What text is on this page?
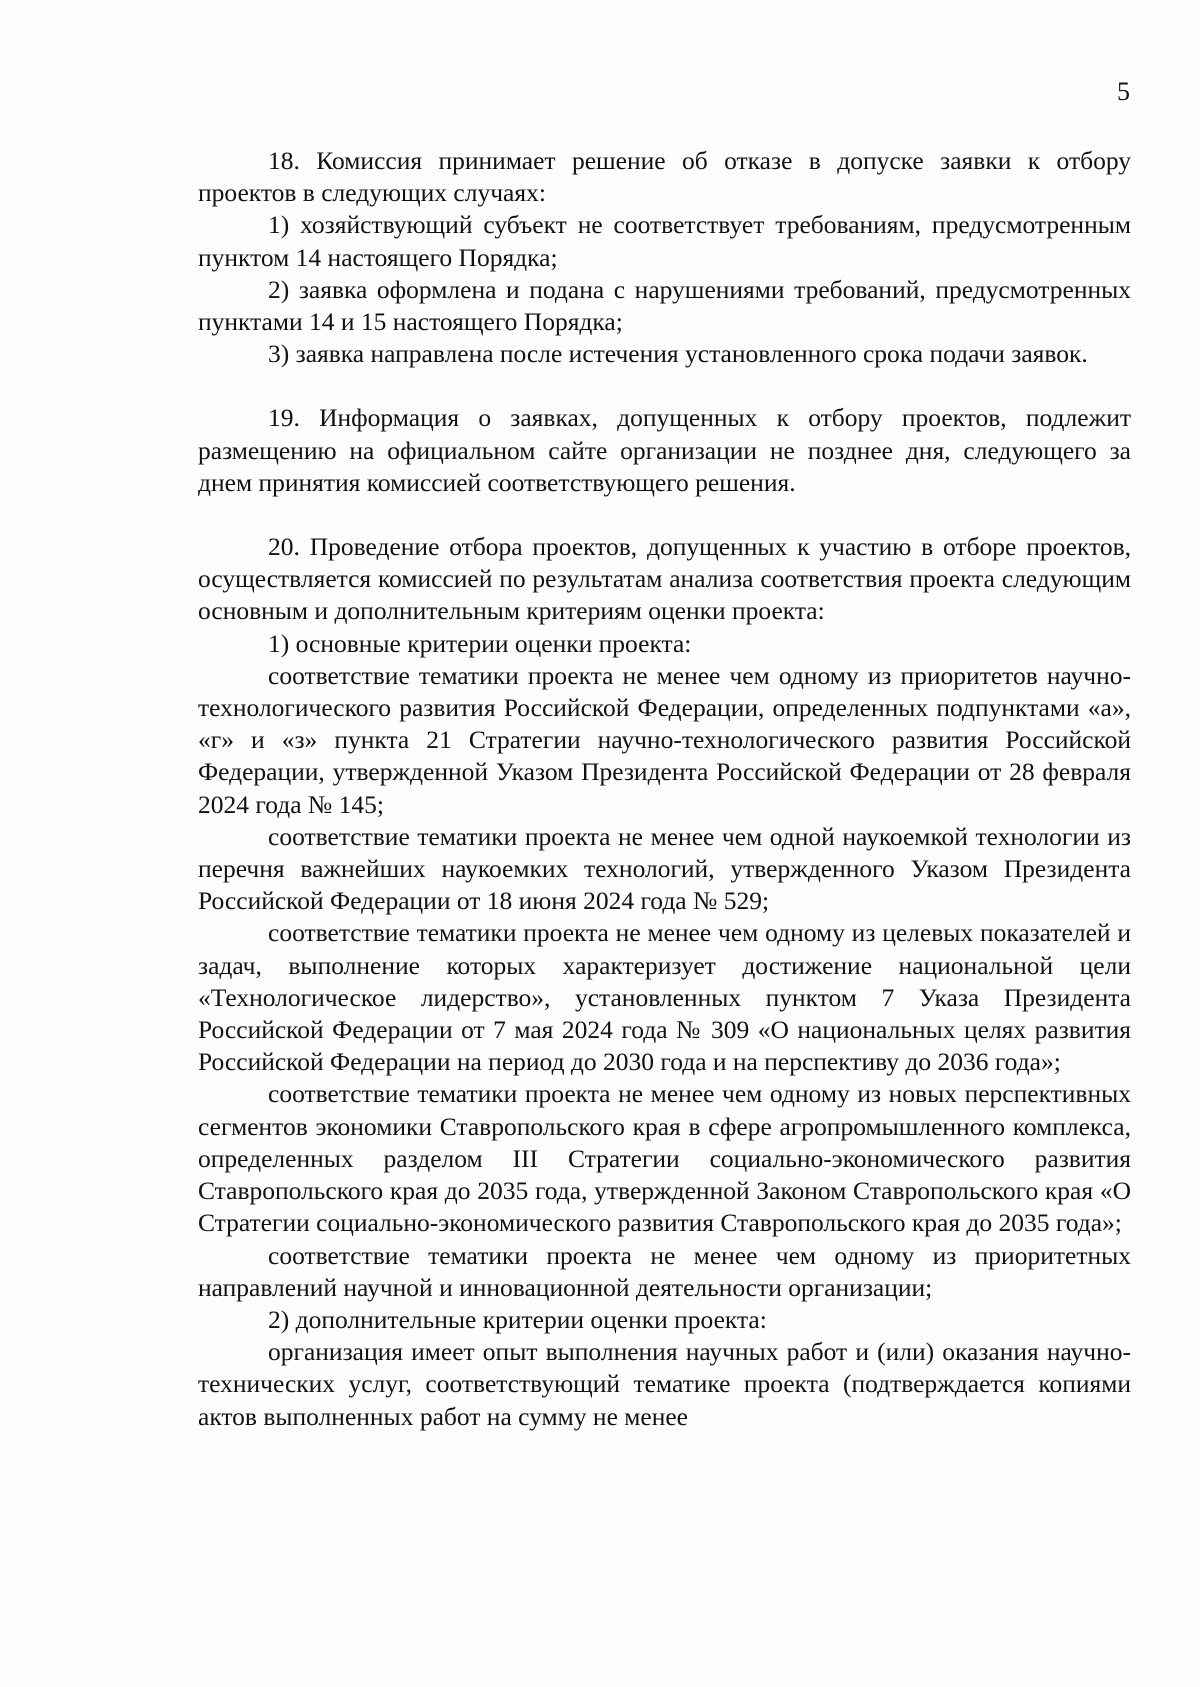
5

18. Комиссия принимает решение об отказе в допуске заявки к отбору проектов в следующих случаях:

1) хозяйствующий субъект не соответствует требованиям, предусмотренным пунктом 14 настоящего Порядка;

2) заявка оформлена и подана с нарушениями требований, предусмотренных пунктами 14 и 15 настоящего Порядка;

3) заявка направлена после истечения установленного срока подачи заявок.

19. Информация о заявках, допущенных к отбору проектов, подлежит размещению на официальном сайте организации не позднее дня, следующего за днем принятия комиссией соответствующего решения.

20. Проведение отбора проектов, допущенных к участию в отборе проектов, осуществляется комиссией по результатам анализа соответствия проекта следующим основным и дополнительным критериям оценки проекта:

1) основные критерии оценки проекта:

соответствие тематики проекта не менее чем одному из приоритетов научно-технологического развития Российской Федерации, определенных подпунктами «а», «г» и «з» пункта 21 Стратегии научно-технологического развития Российской Федерации, утвержденной Указом Президента Российской Федерации от 28 февраля 2024 года № 145;

соответствие тематики проекта не менее чем одной наукоемкой технологии из перечня важнейших наукоемких технологий, утвержденного Указом Президента Российской Федерации от 18 июня 2024 года № 529;

соответствие тематики проекта не менее чем одному из целевых показателей и задач, выполнение которых характеризует достижение национальной цели «Технологическое лидерство», установленных пунктом 7 Указа Президента Российской Федерации от 7 мая 2024 года № 309 «О национальных целях развития Российской Федерации на период до 2030 года и на перспективу до 2036 года»;

соответствие тематики проекта не менее чем одному из новых перспективных сегментов экономики Ставропольского края в сфере агропромышленного комплекса, определенных разделом III Стратегии социально-экономического развития Ставропольского края до 2035 года, утвержденной Законом Ставропольского края «О Стратегии социально-экономического развития Ставропольского края до 2035 года»;

соответствие тематики проекта не менее чем одному из приоритетных направлений научной и инновационной деятельности организации;

2) дополнительные критерии оценки проекта:

организация имеет опыт выполнения научных работ и (или) оказания научно-технических услуг, соответствующий тематике проекта (подтверждается копиями актов выполненных работ на сумму не менее
